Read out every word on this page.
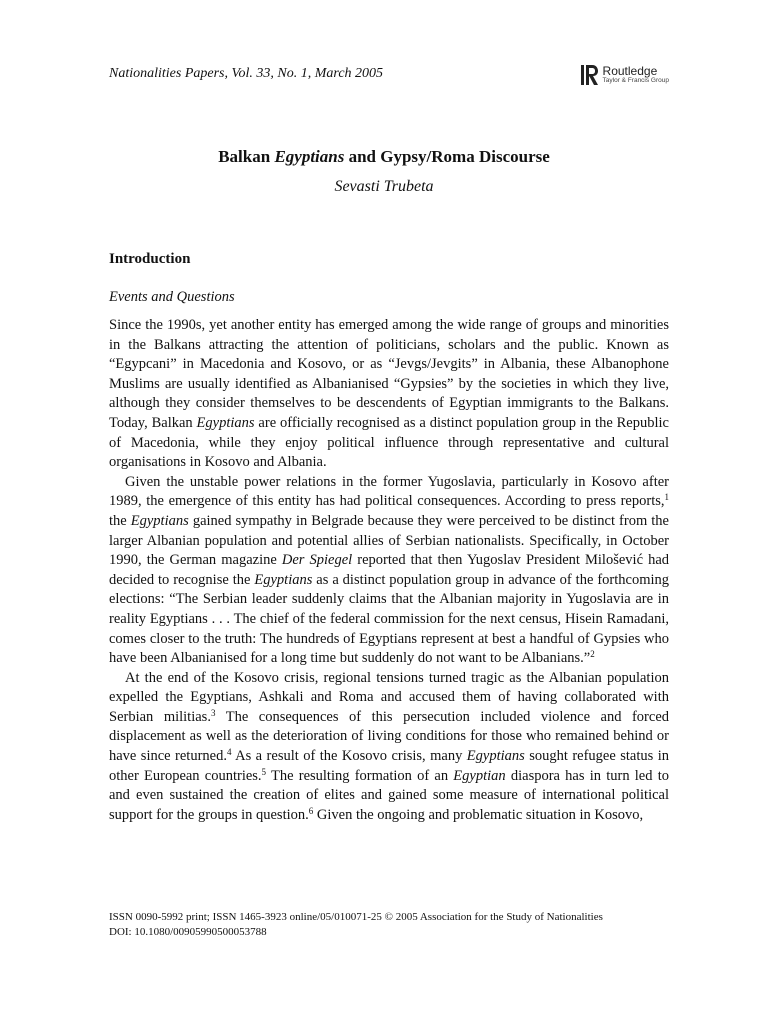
Nationalities Papers, Vol. 33, No. 1, March 2005	Routledge
Taylor & Francis Group
Balkan Egyptians and Gypsy/Roma Discourse
Sevasti Trubeta
Introduction
Events and Questions

Since the 1990s, yet another entity has emerged among the wide range of groups and minorities in the Balkans attracting the attention of politicians, scholars and the public. Known as “Egypcani” in Macedonia and Kosovo, or as “Jevgs/Jevgits” in Albania, these Albanophone Muslims are usually identified as Albanianised “Gypsies” by the societies in which they live, although they consider themselves to be descendents of Egyptian immigrants to the Balkans. Today, Balkan Egyptians are officially recognised as a distinct population group in the Republic of Macedonia, while they enjoy political influence through representative and cultural organisations in Kosovo and Albania.

Given the unstable power relations in the former Yugoslavia, particularly in Kosovo after 1989, the emergence of this entity has had political consequences. According to press reports,$^1$ the Egyptians gained sympathy in Belgrade because they were perceived to be distinct from the larger Albanian population and potential allies of Serbian nationalists. Specifically, in October 1990, the German magazine Der Spiegel reported that then Yugoslav President Milošević had decided to recognise the Egyptians as a distinct population group in advance of the forthcoming elections: “The Serbian leader suddenly claims that the Albanian majority in Yugoslavia are in reality Egyptians . . . The chief of the federal commission for the next census, Hisein Ramadani, comes closer to the truth: The hundreds of Egyptians represent at best a handful of Gypsies who have been Albanianised for a long time but suddenly do not want to be Albanians.”$^2$

At the end of the Kosovo crisis, regional tensions turned tragic as the Albanian population expelled the Egyptians, Ashkali and Roma and accused them of having collaborated with Serbian militias.$^3$ The consequences of this persecution included violence and forced displacement as well as the deterioration of living conditions for those who remained behind or have since returned.$^4$ As a result of the Kosovo crisis, many Egyptians sought refugee status in other European countries.$^5$ The resulting formation of an Egyptian diaspora has in turn led to and even sustained the creation of elites and gained some measure of international political support for the groups in question.$^6$ Given the ongoing and problematic situation in Kosovo,

ISSN 0090-5992 print; ISSN 1465-3923 online/05/010071-25 © 2005 Association for the Study of Nationalities
DOI: 10.1080/00905990500053788
